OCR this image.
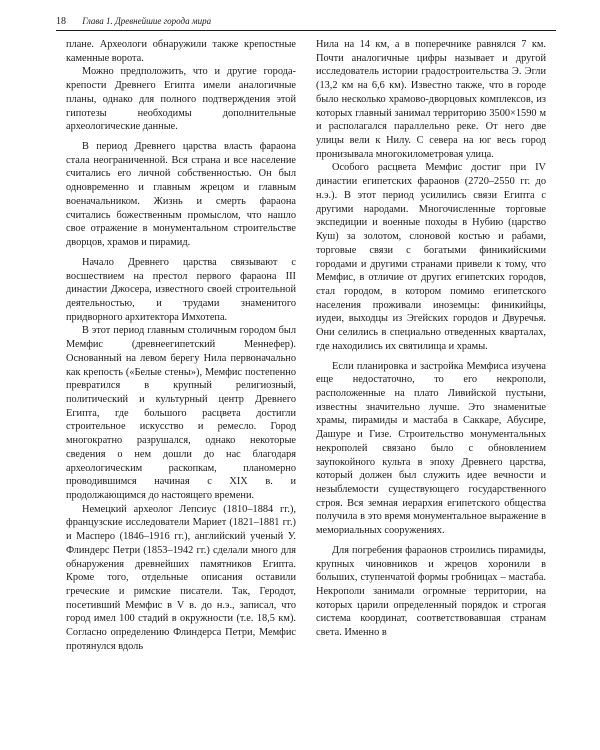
18 Глава 1. Древнейшие города мира

плане. Археологи обнаружили также крепостные каменные ворота.

Можно предположить, что и другие города-крепости Древнего Египта имели аналогичные планы, однако для полного подтверждения этой гипотезы необходимы дополнительные археологические данные.

В период Древнего царства власть фараона стала неограниченной. Вся страна и все население считались его личной собственностью. Он был одновременно и главным жрецом и главным военачальником. Жизнь и смерть фараона считались божественным промыслом, что нашло свое отражение в монументальном строительстве дворцов, храмов и пирамид.

Начало Древнего царства связывают с восшествием на престол первого фараона III династии Джосера, известного своей строительной деятельностью, и трудами знаменитого придворного архитектора Имхотепа.

В этот период главным столичным городом был Мемфис (древнеегипетский Меннефер). Основанный на левом берегу Нила первоначально как крепость («Белые стены»), Мемфис постепенно превратился в крупный религиозный, политический и культурный центр Древнего Египта, где большого расцвета достигли строительное искусство и ремесло. Город многократно разрушался, однако некоторые сведения о нем дошли до нас благодаря археологическим раскопкам, планомерно проводившимся начиная с XIX в. и продолжающимся до настоящего времени.

Немецкий археолог Лепсиус (1810–1884 гг.), французские исследователи Мариет (1821–1881 гг.) и Масперо (1846–1916 гг.), английский ученый У. Флиндерс Петри (1853–1942 гг.) сделали много для обнаружения древнейших памятников Египта. Кроме того, отдельные описания оставили греческие и римские писатели. Так, Геродот, посетивший Мемфис в V в. до н.э., записал, что город имел 100 стадий в окружности (т.е. 18,5 км). Согласно определению Флиндерса Петри, Мемфис протянулся вдоль

Нила на 14 км, а в поперечнике равнялся 7 км. Почти аналогичные цифры называет и другой исследователь истории градостроительства Э. Эгли (13,2 км на 6,6 км). Известно также, что в городе было несколько храмово-дворцовых комплексов, из которых главный занимал территорию 3500×1590 м и располагался параллельно реке. От него две улицы вели к Нилу. С севера на юг весь город пронизывала многокилометровая улица.

Особого расцвета Мемфис достиг при IV династии египетских фараонов (2720–2550 гг. до н.э.). В этот период усилились связи Египта с другими народами. Многочисленные торговые экспедиции и военные походы в Нубию (царство Куш) за золотом, слоновой костью и рабами, торговые связи с богатыми финикийскими городами и другими странами привели к тому, что Мемфис, в отличие от других египетских городов, стал городом, в котором помимо египетского населения проживали иноземцы: финикийцы, иудеи, выходцы из Эгейских городов и Двуречья. Они селились в специально отведенных кварталах, где находились их святилища и храмы.

Если планировка и застройка Мемфиса изучена еще недостаточно, то его некрополи, расположенные на плато Ливийской пустыни, известны значительно лучше. Это знаменитые храмы, пирамиды и мастаба в Саккаре, Абусире, Дашуре и Гизе. Строительство монументальных некрополей связано было с обновлением заупокойного культа в эпоху Древнего царства, который должен был служить идее вечности и незыблемости существующего государственного строя. Вся земная иерархия египетского общества получила в это время монументальное выражение в мемориальных сооружениях.

Для погребения фараонов строились пирамиды, крупных чиновников и жрецов хоронили в больших, ступенчатой формы гробницах – мастаба. Некрополи занимали огромные территории, на которых царили определенный порядок и строгая система координат, соответствовавшая странам света. Именно в
